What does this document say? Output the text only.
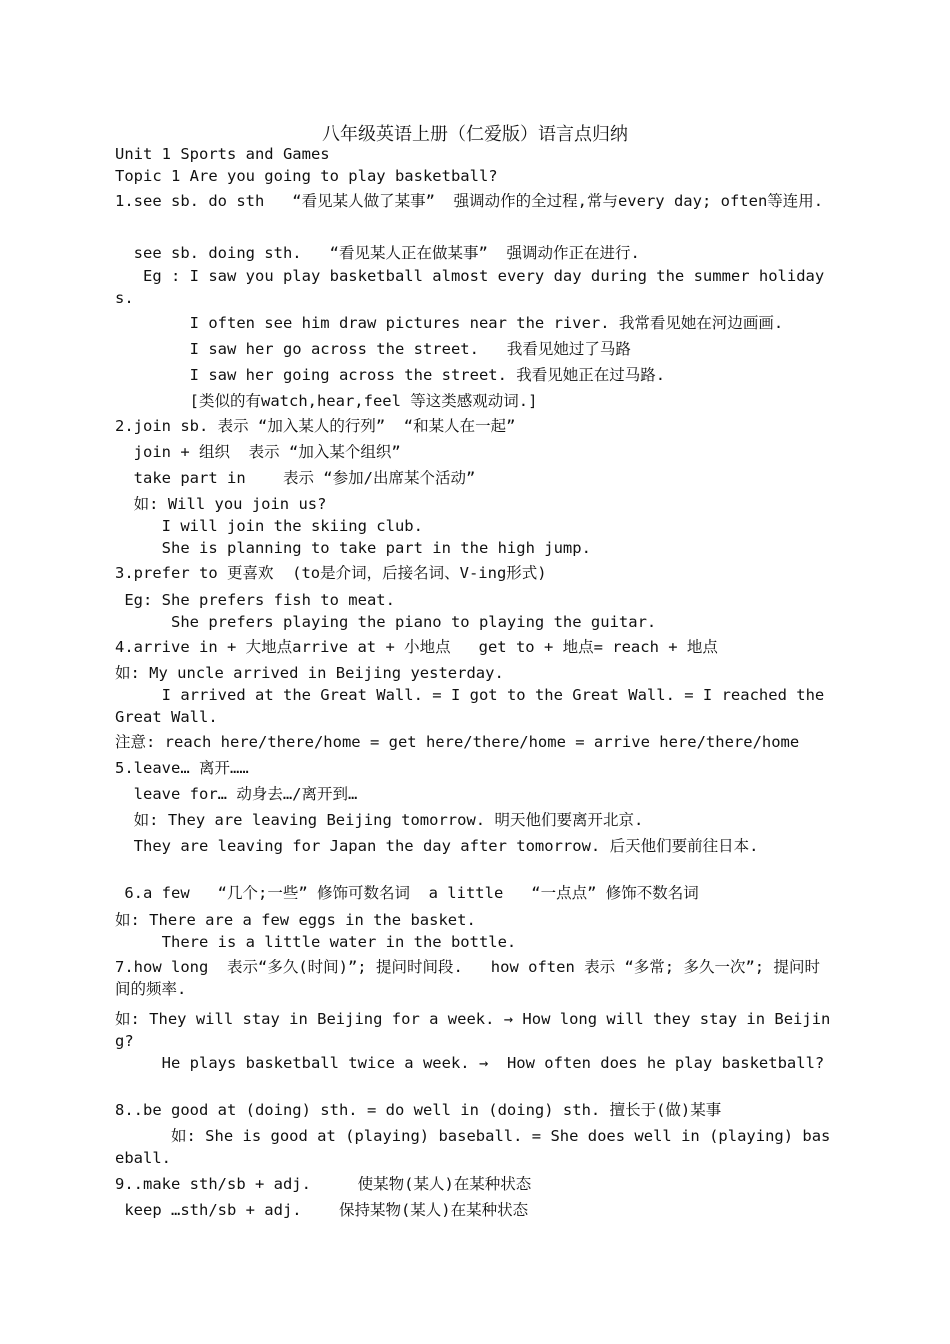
八年级英语上册（仁爱版）语言点归纳
Unit 1 Sports and Games
Topic 1 Are you going to play basketball?
1.see sb. do sth   “看见某人做了某事”  强调动作的全过程,常与every day; often等连用.
see sb. doing sth.   “看见某人正在做某事”  强调动作正在进行.
Eg : I saw you play basketball almost every day during the summer holidays.
I often see him draw pictures near the river. 我常看见她在河边画画.
I saw her go across the street.   我看见她过了马路
I saw her going across the street. 我看见她正在过马路.
[类似的有watch,hear,feel 等这类感观动词.]
2.join sb. 表示 “加入某人的行列”  “和某人在一起”
join + 组织  表示 “加入某个组织”
take part in    表示 “参加/出席某个活动”
如: Will you join us?
I will join the skiing club.
She is planning to take part in the high jump.
3.prefer to 更喜欢  (to是介词，后接名词、V-ing形式)
Eg: She prefers fish to meat.
She prefers playing the piano to playing the guitar.
4.arrive in + 大地点arrive at + 小地点   get to + 地点= reach + 地点
如: My uncle arrived in Beijing yesterday.
I arrived at the Great Wall. = I got to the Great Wall. = I reached the Great Wall.
注意: reach here/there/home = get here/there/home = arrive here/there/home
5.leave… 离开……
leave for… 动身去…/离开到…
如: They are leaving Beijing tomorrow. 明天他们要离开北京.
They are leaving for Japan the day after tomorrow. 后天他们要前往日本.
6.a few   “几个;一些” 修饰可数名词  a little   “一点点” 修饰不数名词
如: There are a few eggs in the basket.
There is a little water in the bottle.
7.how long  表示“多久(时间)”; 提问时间段.   how often 表示 “多常; 多久一次”; 提问时间的频率.
如: They will stay in Beijing for a week. → How long will they stay in Beijing?
He plays basketball twice a week. →  How often does he play basketball?
8..be good at (doing) sth. = do well in (doing) sth. 擅长于(做)某事
如: She is good at (playing) baseball. = She does well in (playing) baseball.
9..make sth/sb + adj.     使某物(某人)在某种状态
keep …sth/sb + adj.    保持某物(某人)在某种状态
